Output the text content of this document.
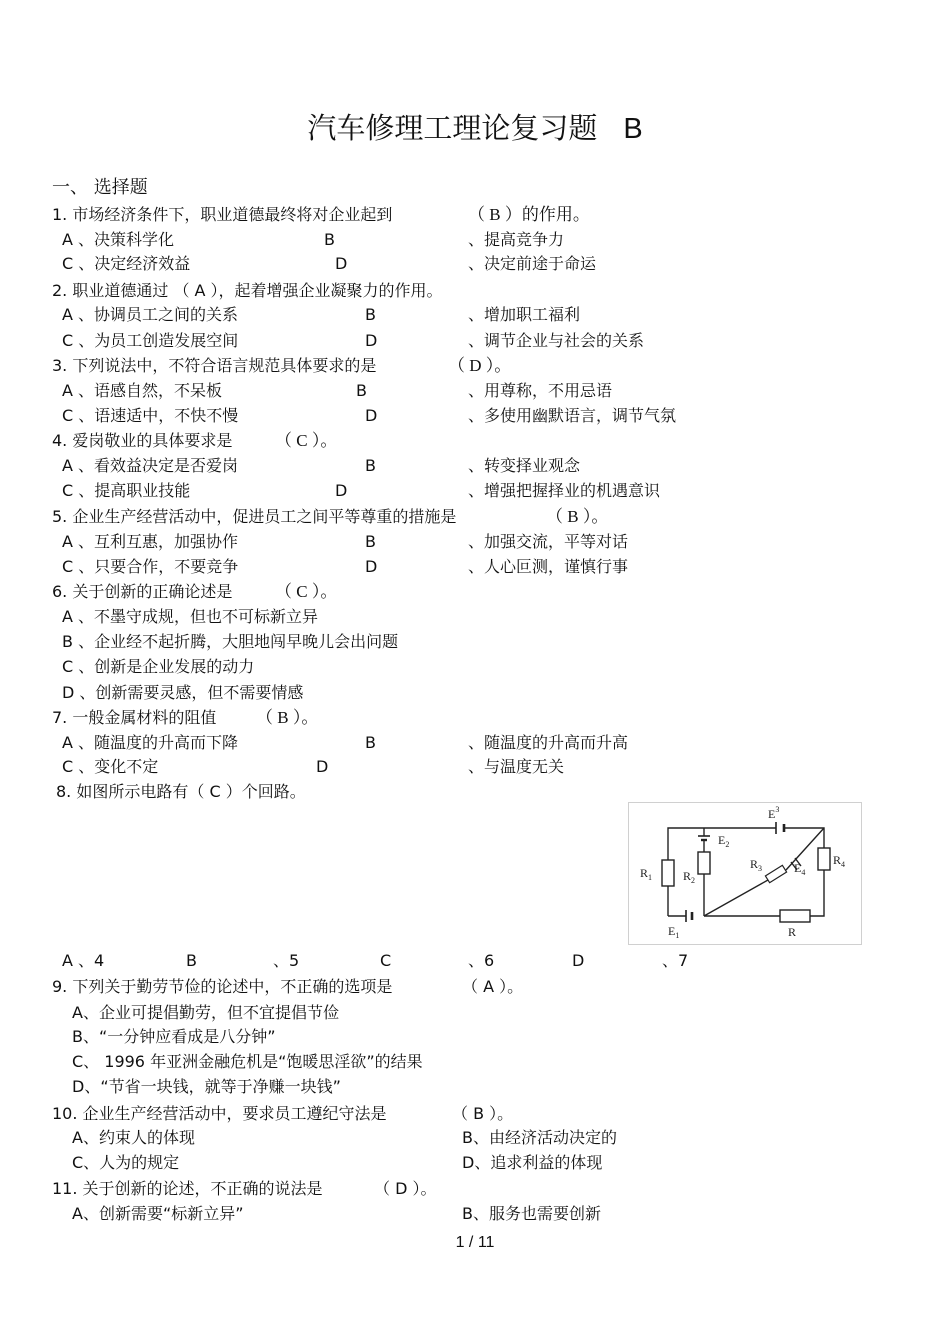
汽车修理工理论复习题 B
一、 选择题
1. 市场经济条件下，职业道德最终将对企业起到	（ B ）的作用。
A 、决策科学化	B	、提高竞争力
C 、决定经济效益	D	、决定前途于命运
2. 职业道德通过 （ A ），起着增强企业凝聚力的作用。
A 、协调员工之间的关系	B	、增加职工福利
C 、为员工创造发展空间	D	、调节企业与社会的关系
3. 下列说法中，不符合语言规范具体要求的是	（ D ）。
A 、语感自然，不呆板	B	、用尊称，不用忌语
C 、语速适中，不快不慢	D	、多使用幽默语言，调节气氛
4. 爱岗敬业的具体要求是	（ C ）。
A 、看效益决定是否爱岗	B	、转变择业观念
C 、提高职业技能	D	、增强把握择业的机遇意识
5. 企业生产经营活动中，促进员工之间平等尊重的措施是	（ B ）。
A 、互利互惠，加强协作	B	、加强交流，平等对话
C 、只要合作，不要竞争	D	、人心叵测，谨慎行事
6. 关于创新的正确论述是	（ C ）。
A 、不墨守成规，但也不可标新立异
B 、企业经不起折腾，大胆地闯早晚儿会出问题
C 、创新是企业发展的动力
D 、创新需要灵感，但不需要情感
7. 一般金属材料的阻值 （ B ）。
A 、随温度的升高而下降	B	、随温度的升高而升高
C 、变化不定	D	、与温度无关
8. 如图所示电路有（ C ）个回路。
$E^3$
$E_2$
$R_1$	$R_2$
$R_3$	$E_4$
$R_4$
$E_1$	R
A 、4	B	、5	C	、6	D	、7
9. 下列关于勤劳节俭的论述中，不正确的选项是	（ A ）。
A、企业可提倡勤劳，但不宜提倡节俭
B、“一分钟应看成是八分钟”
C、 1996 年亚洲金融危机是“饱暖思淫欲”的结果
D、“节省一块钱，就等于净赚一块钱”
10. 企业生产经营活动中，要求员工遵纪守法是	（ B ）。
A、约束人的体现	B、由经济活动决定的
C、人为的规定	D、追求利益的体现
11. 关于创新的论述，不正确的说法是	（ D ）。
A、创新需要“标新立异”	B、服务也需要创新
1 / 11
